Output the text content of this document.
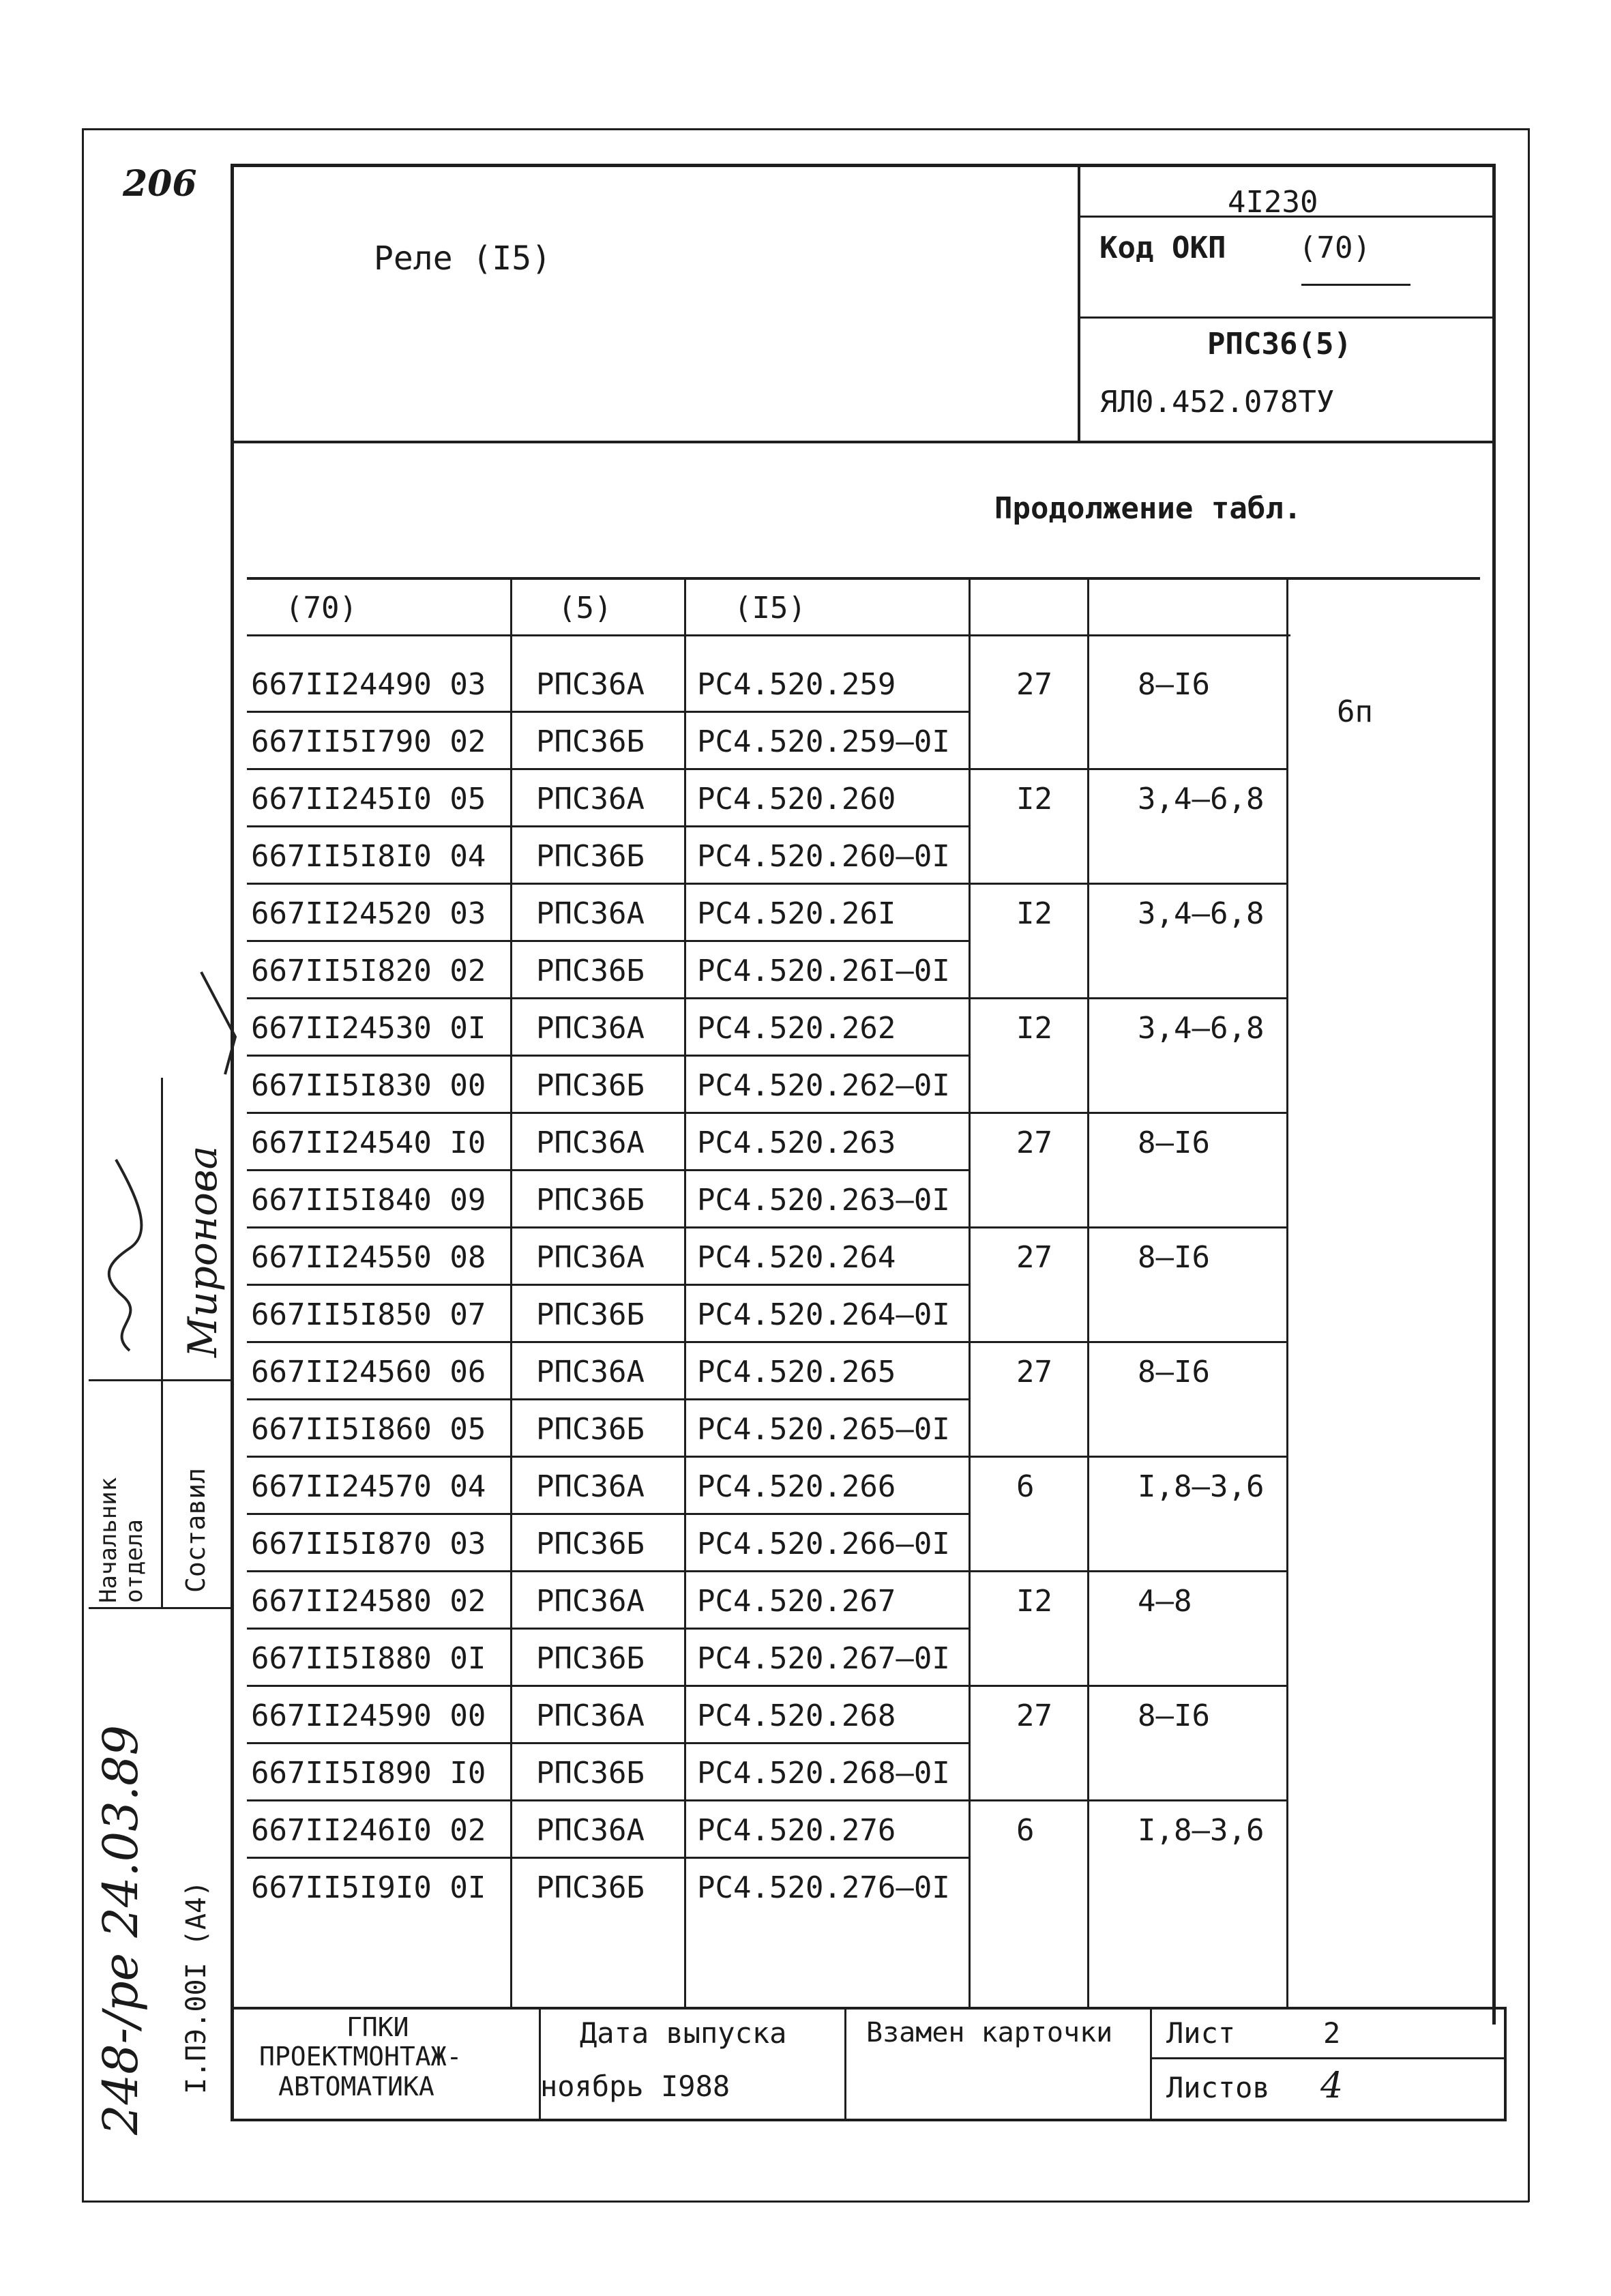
206
Реле (I5)
4I230
Код ОКП (70)
РПС36(5)
ЯЛ0.452.078ТУ
Продолжение табл.
(70)	(5)	(I5)
6п
667II24490 03 РПС36А РС4.520.259	27	8–I6
667II5I790 02 РПС36Б РС4.520.259–0I
667II245I0 05 РПС36А РС4.520.260	I2	3,4–6,8
667II5I8I0 04 РПС36Б РС4.520.260–0I
667II24520 03 РПС36А РС4.520.26I	I2	3,4–6,8
667II5I820 02 РПС36Б РС4.520.26I–0I
667II24530 0I РПС36А РС4.520.262	I2	3,4–6,8
667II5I830 00 РПС36Б РС4.520.262–0I
667II24540 I0 РПС36А РС4.520.263	27	8–I6
667II5I840 09 РПС36Б РС4.520.263–0I
667II24550 08 РПС36А РС4.520.264	27	8–I6
667II5I850 07 РПС36Б РС4.520.264–0I
667II24560 06 РПС36А РС4.520.265	27	8–I6
667II5I860 05 РПС36Б РС4.520.265–0I
667II24570 04 РПС36А РС4.520.266	6	I,8–3,6
667II5I870 03 РПС36Б РС4.520.266–0I
667II24580 02 РПС36А РС4.520.267	I2	4–8
667II5I880 0I РПС36Б РС4.520.267–0I
667II24590 00 РПС36А РС4.520.268	27	8–I6
667II5I890 I0 РПС36Б РС4.520.268–0I
667II246I0 02 РПС36А РС4.520.276	6	I,8–3,6
667II5I9I0 0I РПС36Б РС4.520.276–0I
ГПКИ
ПРОЕКТМОНТАЖ-
АВТОМАТИКА
Дата выпуска
ноябрь I988
Взамен карточки Лист	2
Листов 4
Начальник отдела Составил
Миронова
І.ПЭ.00І (А4)
248-/ре 24.03.89
